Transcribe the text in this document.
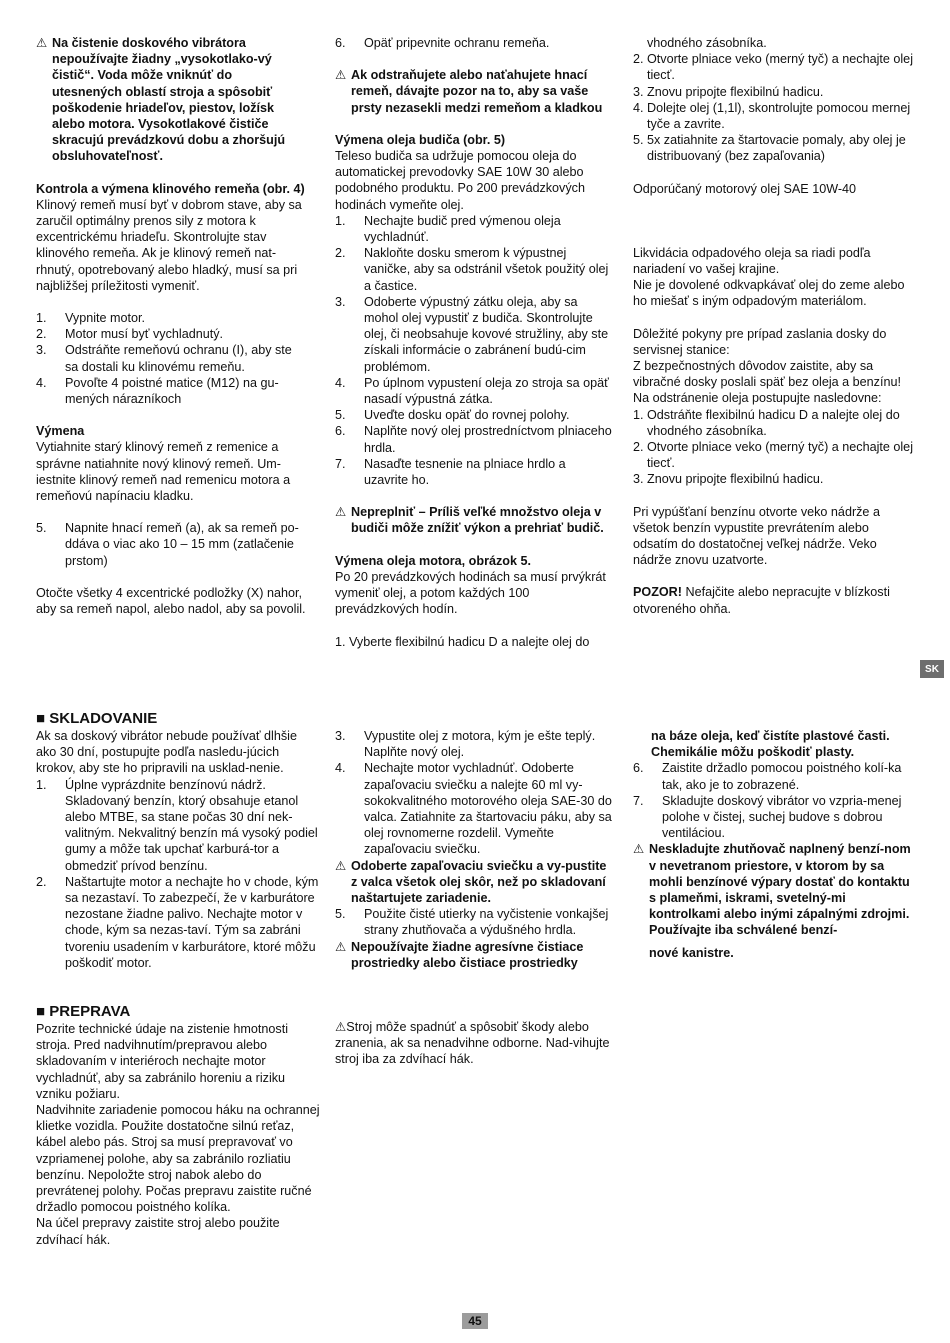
⚠ Na čistenie doskového vibrátora nepoužívajte žiadny „vysokotlako-vý čistič“. Voda môže vniknúť do utesnených oblastí stroja a spôsobiť poškodenie hriadeľov, piestov, ložísk alebo motora. Vysokotlakové čističe skracujú prevádzkovú dobu a zhoršujú obsluhovateľnosť.

Kontrola a výmena klinového remeňa (obr. 4)

Klinový remeň musí byť v dobrom stave, aby sa zaručil optimálny prenos sily z motora k excentrickému hriadeľu. Skontrolujte stav klinového remeňa. Ak je klinový remeň nat-rhnutý, opotrebovaný alebo hladký, musí sa pri najbližšej príležitosti vymeniť.

1.	Vypnite motor.
2.	Motor musí byť vychladnutý.
3.	Odstráňte remeňovú ochranu (I), aby ste sa dostali ku klinovému remeňu.
4.	Povoľte 4 poistné matice (M12) na gu-mených nárazníkoch

Výmena

Vytiahnite starý klinový remeň z remenice a správne natiahnite nový klinový remeň. Um-iestnite klinový remeň nad remenicu motora a remeňovú napínaciu kladku.

5.	Napnite hnací remeň (a), ak sa remeň po-ddáva o viac ako 10 – 15 mm (zatlačenie prstom)

Otočte všetky 4 excentrické podložky (X) nahor, aby sa remeň napol, alebo nadol, aby sa povolil.

6.	Opäť pripevnite ochranu remeňa.
⚠ Ak odstraňujete alebo naťahujete hnací remeň, dávajte pozor na to, aby sa vaše prsty nezasekli medzi remeňom a kladkou

Výmena oleja budiča (obr. 5)

Teleso budiča sa udržuje pomocou oleja do automatickej prevodovky SAE 10W 30 alebo podobného produktu. Po 200 prevádzkových hodinách vymeňte olej.

1.	Nechajte budič pred výmenou oleja vychladnúť.
2.	Nakloňte dosku smerom k výpustnej vaničke, aby sa odstránil všetok použitý olej a častice.
3.	Odoberte výpustný zátku oleja, aby sa mohol olej vypustiť z budiča. Skontrolujte olej, či neobsahuje kovové stružliny, aby ste získali informácie o zabránení budú-cim problémom.
4.	Po úplnom vypustení oleja zo stroja sa opäť nasadí výpustná zátka.
5.	Uveďte dosku opäť do rovnej polohy.
6.	Naplňte nový olej prostredníctvom plniaceho hrdla.
7.	Nasaďte tesnenie na plniace hrdlo a uzavrite ho.
⚠ Nepreplniť – Príliš veľké množstvo oleja v budiči môže znížiť výkon a prehriať budič.

Výmena oleja motora, obrázok 5.

Po 20 prevádzkových hodinách sa musí prvýkrát vymeniť olej, a potom každých 100 prevádzkových hodín.

1. Vyberte flexibilnú hadicu D a nalejte olej do

vhodného zásobníka.

2. Otvorte plniace veko (merný tyč) a nechajte olej tiecť.
3. Znovu pripojte flexibilnú hadicu.
4. Dolejte olej (1,1l), skontrolujte pomocou mernej tyče a zavrite.
5. 5x zatiahnite za štartovacie pomaly, aby olej je distribuovaný (bez zapaľovania)

Odporúčaný motorový olej SAE 10W-40

Likvidácia odpadového oleja sa riadi podľa nariadení vo vašej krajine.

Nie je dovolené odkvapkávať olej do zeme alebo ho miešať s iným odpadovým materiálom.

Dôležité pokyny pre prípad zaslania dosky do servisnej stanice:

Z bezpečnostných dôvodov zaistite, aby sa vibračné dosky poslali späť bez oleja a benzínu!

Na odstránenie oleja postupujte nasledovne:

1. Odstráňte flexibilnú hadicu D a nalejte olej do vhodného zásobníka.
2. Otvorte plniace veko (merný tyč) a nechajte olej tiecť.
3. Znovu pripojte flexibilnú hadicu.

Pri vypúšťaní benzínu otvorte veko nádrže a všetok benzín vypustite prevrátením alebo odsatím do dostatočnej veľkej nádrže. Veko nádrže znovu uzatvorte.

POZOR! Nefajčite alebo nepracujte v blízkosti otvoreného ohňa.

SK

■ SKLADOVANIE

Ak sa doskový vibrátor nebude používať dlhšie ako 30 dní, postupujte podľa nasledu-júcich krokov, aby ste ho pripravili na usklad-nenie.

1.	Úplne vyprázdnite benzínovú nádrž. Skladovaný benzín, ktorý obsahuje etanol alebo MTBE, sa stane počas 30 dní nek-valitným. Nekvalitný benzín má vysoký podiel gumy a môže tak upchať karburá-tor a obmedziť prívod benzínu.
2.	Naštartujte motor a nechajte ho v chode, kým sa nezastaví. To zabezpečí, že v karburátore nezostane žiadne palivo. Nechajte motor v chode, kým sa nezas-taví. Tým sa zabráni tvoreniu usadením v karburátore, ktoré môžu poškodiť motor.

■ PREPRAVA

Pozrite technické údaje na zistenie hmotnosti stroja. Pred nadvihnutím/prepravou alebo skladovaním v interiéroch nechajte motor vychladnúť, aby sa zabránilo horeniu a riziku vzniku požiaru.

Nadvihnite zariadenie pomocou háku na ochrannej klietke vozidla. Použite dostatočne silnú reťaz, kábel alebo pás. Stroj sa musí prepravovať vo vzpriamenej polohe, aby sa zabránilo rozliatiu benzínu. Nepoložte stroj nabok alebo do prevrátenej polohy. Počas prepravu zaistite ručné držadlo pomocou poistného kolíka.

Na účel prepravy zaistite stroj alebo použite zdvíhací hák.

3.	Vypustite olej z motora, kým je ešte teplý. Naplňte nový olej.
4.	Nechajte motor vychladnúť. Odoberte zapaľovaciu sviečku a nalejte 60 ml vy-sokokvalitného motorového oleja SAE-30 do valca. Zatiahnite za štartovaciu páku, aby sa olej rovnomerne rozdelil. Vymeňte zapaľovaciu sviečku.
⚠ Odoberte zapaľovaciu sviečku a vy-pustite z valca všetok olej skôr, než po skladovaní naštartujete zariadenie.
5.	Použite čisté utierky na vyčistenie vonkajšej strany zhutňovača a výdušného hrdla.
⚠ Nepoužívajte žiadne agresívne čistiace prostriedky alebo čistiace prostriedky

⚠Stroj môže spadnúť a spôsobiť škody alebo zranenia, ak sa nenadvihne odborne. Nad-vihujte stroj iba za zdvíhací hák.

na báze oleja, keď čistíte plastové časti. Chemikálie môžu poškodiť plasty.

6.	Zaistite držadlo pomocou poistného kolí-ka tak, ako je to zobrazené.
7.	Skladujte doskový vibrátor vo vzpria-menej polohe v čistej, suchej budove s dobrou ventiláciou.
⚠ Neskladujte zhutňovač naplnený benzí-nom v nevetranom priestore, v ktorom by sa mohli benzínové výpary dostať do kontaktu s plameňmi, iskrami, svetelný-mi kontrolkami alebo inými zápalnými zdrojmi. Používajte iba schválené benzí-
nové kanistre.
45
